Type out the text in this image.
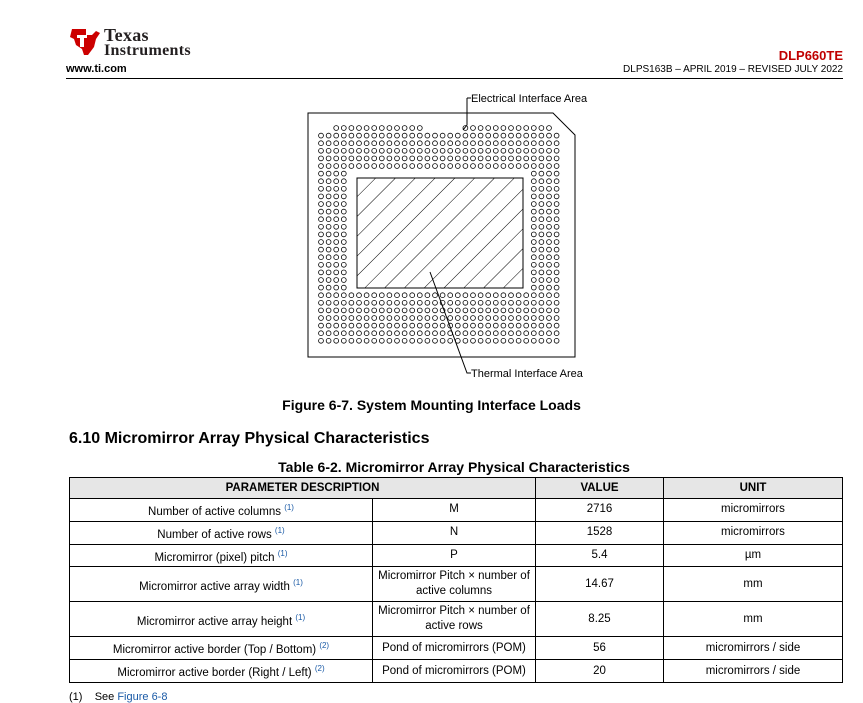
Texas
Instruments
www.ti.com
DLP660TE
DLPS163B – APRIL 2019 – REVISED JULY 2022
Electrical Interface Area
Thermal Interface Area
Figure 6-7. System Mounting Interface Loads
6.10 Micromirror Array Physical Characteristics
Table 6-2. Micromirror Array Physical Characteristics
PARAMETER DESCRIPTION		VALUE	UNIT
Number of active columns $^{(1)}$	M	2716	micromirrors
Number of active rows $^{(1)}$	N	1528	micromirrors
Micromirror (pixel) pitch $^{(1)}$	P	5.4	µm
Micromirror active array width $^{(1)}$	Micromirror Pitch × number of active columns	14.67	mm
Micromirror active array height $^{(1)}$	Micromirror Pitch × number of active rows	8.25	mm
Micromirror active border (Top / Bottom) $^{(2)}$	Pond of micromirrors (POM)	56	micromirrors / side
Micromirror active border (Right / Left) $^{(2)}$	Pond of micromirrors (POM)	20	micromirrors / side
(1) See Figure 6-8
